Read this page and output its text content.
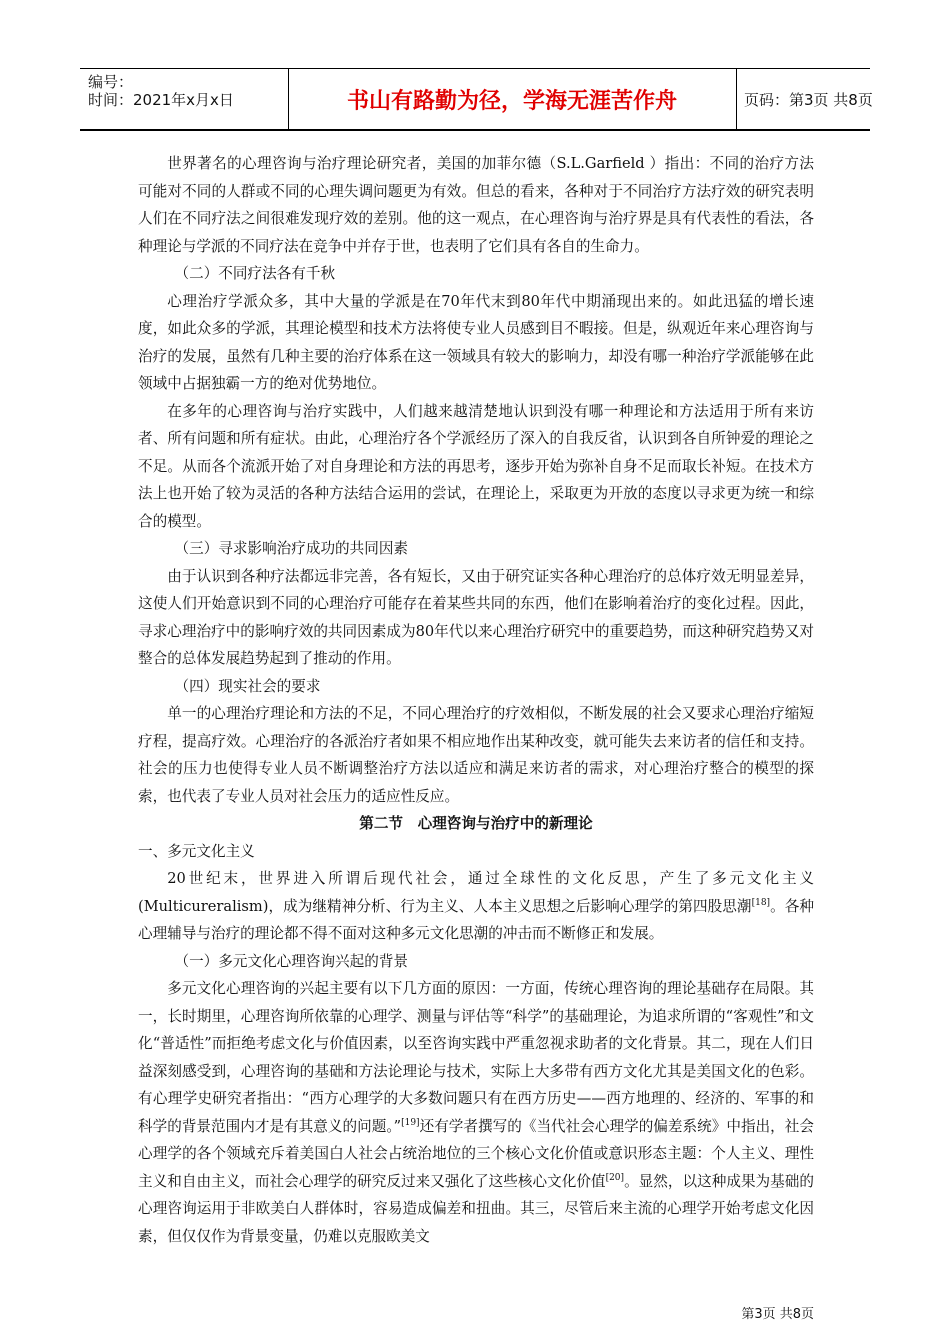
编号：
时间：2021年x月x日	书山有路勤为径，学海无涯苦作舟	页码：第3页 共8页

世界著名的心理咨询与治疗理论研究者，美国的加菲尔德（S.L.Garfield ）指出：不同的治疗方法可能对不同的人群或不同的心理失调问题更为有效。但总的看来，各种对于不同治疗方法疗效的研究表明人们在不同疗法之间很难发现疗效的差别。他的这一观点，在心理咨询与治疗界是具有代表性的看法，各种理论与学派的不同疗法在竞争中并存于世，也表明了它们具有各自的生命力。

（二）不同疗法各有千秋

心理治疗学派众多，其中大量的学派是在70年代末到80年代中期涌现出来的。如此迅猛的增长速度，如此众多的学派，其理论模型和技术方法将使专业人员感到目不暇接。但是，纵观近年来心理咨询与治疗的发展，虽然有几种主要的治疗体系在这一领域具有较大的影响力，却没有哪一种治疗学派能够在此领域中占据独霸一方的绝对优势地位。

在多年的心理咨询与治疗实践中，人们越来越清楚地认识到没有哪一种理论和方法适用于所有来访者、所有问题和所有症状。由此，心理治疗各个学派经历了深入的自我反省，认识到各自所钟爱的理论之不足。从而各个流派开始了对自身理论和方法的再思考，逐步开始为弥补自身不足而取长补短。在技术方法上也开始了较为灵活的各种方法结合运用的尝试，在理论上，采取更为开放的态度以寻求更为统一和综合的模型。

（三）寻求影响治疗成功的共同因素

由于认识到各种疗法都远非完善，各有短长，又由于研究证实各种心理治疗的总体疗效无明显差异，这使人们开始意识到不同的心理治疗可能存在着某些共同的东西，他们在影响着治疗的变化过程。因此，寻求心理治疗中的影响疗效的共同因素成为80年代以来心理治疗研究中的重要趋势，而这种研究趋势又对整合的总体发展趋势起到了推动的作用。

（四）现实社会的要求

单一的心理治疗理论和方法的不足，不同心理治疗的疗效相似，不断发展的社会又要求心理治疗缩短疗程，提高疗效。心理治疗的各派治疗者如果不相应地作出某种改变，就可能失去来访者的信任和支持。社会的压力也使得专业人员不断调整治疗方法以适应和满足来访者的需求，对心理治疗整合的模型的探索，也代表了专业人员对社会压力的适应性反应。

第二节　心理咨询与治疗中的新理论

一、多元文化主义

20世纪末，世界进入所谓后现代社会，通过全球性的文化反思，产生了多元文化主义(Multicureralism)，成为继精神分析、行为主义、人本主义思想之后影响心理学的第四股思潮[18]。各种心理辅导与治疗的理论都不得不面对这种多元文化思潮的冲击而不断修正和发展。

（一）多元文化心理咨询兴起的背景

多元文化心理咨询的兴起主要有以下几方面的原因：一方面，传统心理咨询的理论基础存在局限。其一，长时期里，心理咨询所依靠的心理学、测量与评估等“科学”的基础理论，为追求所谓的“客观性”和文化“普适性”而拒绝考虑文化与价值因素，以至咨询实践中严重忽视求助者的文化背景。其二，现在人们日益深刻感受到，心理咨询的基础和方法论理论与技术，实际上大多带有西方文化尤其是美国文化的色彩。有心理学史研究者指出：“西方心理学的大多数问题只有在西方历史——西方地理的、经济的、军事的和科学的背景范围内才是有其意义的问题。”[19]还有学者撰写的《当代社会心理学的偏差系统》中指出，社会心理学的各个领域充斥着美国白人社会占统治地位的三个核心文化价值或意识形态主题：个人主义、理性主义和自由主义，而社会心理学的研究反过来又强化了这些核心文化价值[20]。显然，以这种成果为基础的心理咨询运用于非欧美白人群体时，容易造成偏差和扭曲。其三，尽管后来主流的心理学开始考虑文化因素，但仅仅作为背景变量，仍难以克服欧美文

第3页 共8页
